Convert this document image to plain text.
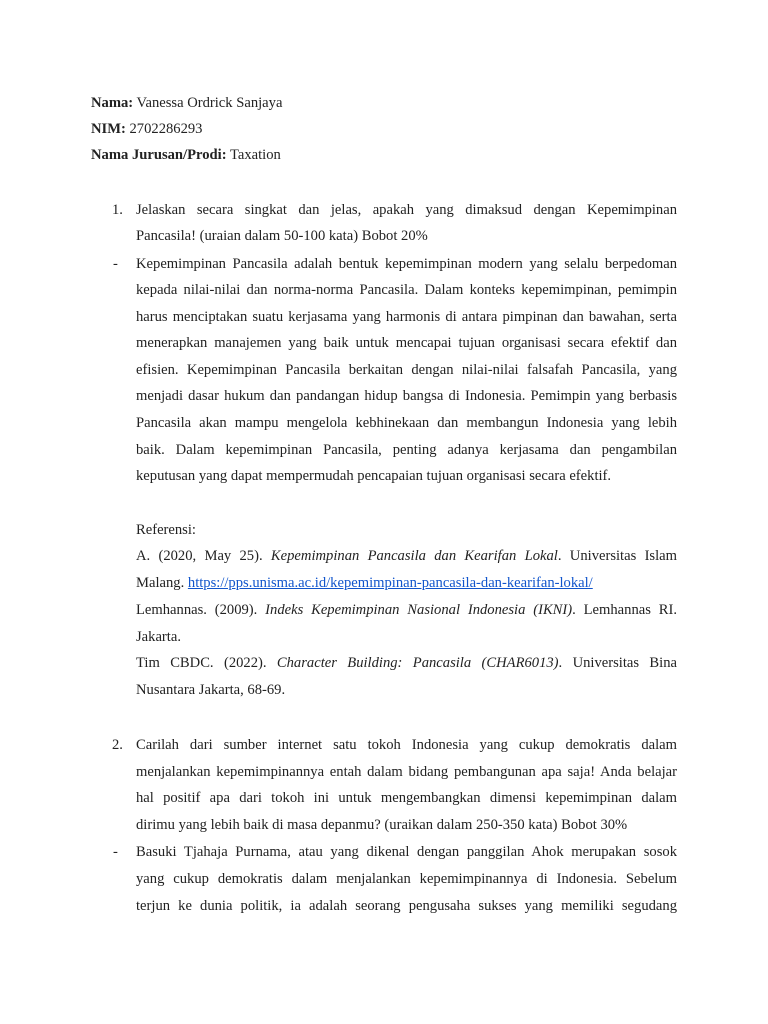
Nama: Vanessa Ordrick Sanjaya
NIM: 2702286293
Nama Jurusan/Prodi: Taxation
1. Jelaskan secara singkat dan jelas, apakah yang dimaksud dengan Kepemimpinan
Pancasila! (uraian dalam 50-100 kata) Bobot 20%
- Kepemimpinan Pancasila adalah bentuk kepemimpinan modern yang selalu berpedoman
kepada nilai-nilai dan norma-norma Pancasila. Dalam konteks kepemimpinan, pemimpin
harus menciptakan suatu kerjasama yang harmonis di antara pimpinan dan bawahan, serta
menerapkan manajemen yang baik untuk mencapai tujuan organisasi secara efektif dan
efisien. Kepemimpinan Pancasila berkaitan dengan nilai-nilai falsafah Pancasila, yang
menjadi dasar hukum dan pandangan hidup bangsa di Indonesia. Pemimpin yang berbasis
Pancasila akan mampu mengelola kebhinekaan dan membangun Indonesia yang lebih
baik. Dalam kepemimpinan Pancasila, penting adanya kerjasama dan pengambilan
keputusan yang dapat mempermudah pencapaian tujuan organisasi secara efektif.
Referensi:
A. (2020, May 25). Kepemimpinan Pancasila dan Kearifan Lokal. Universitas Islam
Malang. https://pps.unisma.ac.id/kepemimpinan-pancasila-dan-kearifan-lokal/
Lemhannas. (2009). Indeks Kepemimpinan Nasional Indonesia (IKNI). Lemhannas RI.
Jakarta.
Tim CBDC. (2022). Character Building: Pancasila (CHAR6013). Universitas Bina
Nusantara Jakarta, 68-69.
2. Carilah dari sumber internet satu tokoh Indonesia yang cukup demokratis dalam
menjalankan kepemimpinannya entah dalam bidang pembangunan apa saja! Anda belajar
hal positif apa dari tokoh ini untuk mengembangkan dimensi kepemimpinan dalam
dirimu yang lebih baik di masa depanmu? (uraikan dalam 250-350 kata) Bobot 30%
- Basuki Tjahaja Purnama, atau yang dikenal dengan panggilan Ahok merupakan sosok
yang cukup demokratis dalam menjalankan kepemimpinannya di Indonesia. Sebelum
terjun ke dunia politik, ia adalah seorang pengusaha sukses yang memiliki segudang
